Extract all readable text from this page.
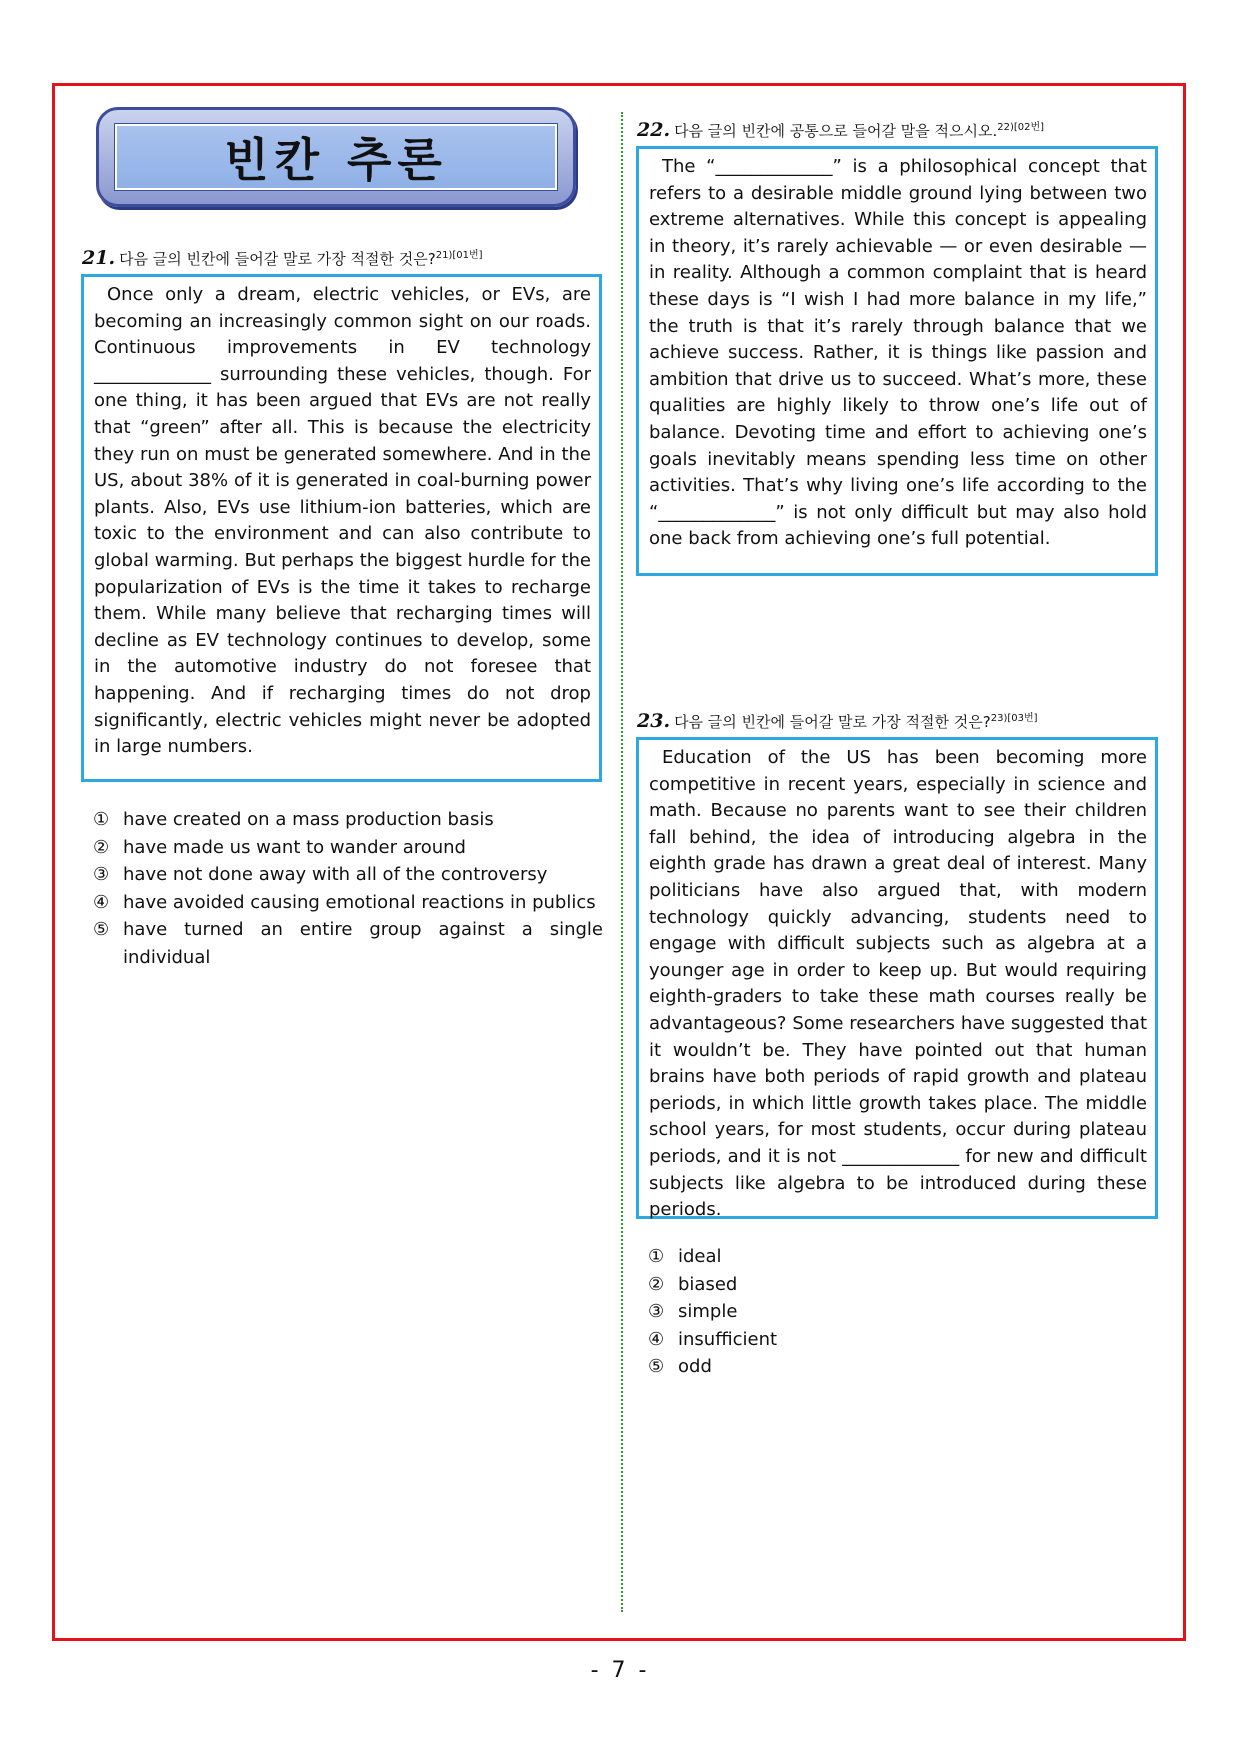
빈칸 추론
21. 다음 글의 빈칸에 들어갈 말로 가장 적절한 것은?$^{21)[01번]}$

Once only a dream, electric vehicles, or EVs, are becoming an increasingly common sight on our roads. Continuous improvements in EV technology _____________ surrounding these vehicles, though. For one thing, it has been argued that EVs are not really that “green” after all. This is because the electricity they run on must be generated somewhere. And in the US, about 38% of it is generated in coal-burning power plants. Also, EVs use lithium-ion batteries, which are toxic to the environment and can also contribute to global warming. But perhaps the biggest hurdle for the popularization of EVs is the time it takes to recharge them. While many believe that recharging times will decline as EV technology continues to develop, some in the automotive industry do not foresee that happening. And if recharging times do not drop significantly, electric vehicles might never be adopted in large numbers.

① have created on a mass production basis
② have made us want to wander around
③ have not done away with all of the controversy
④ have avoided causing emotional reactions in publics
⑤ have turned an entire group against a single individual
22. 다음 글의 빈칸에 공통으로 들어갈 말을 적으시오.$^{22)[02번]}$

The “_____________” is a philosophical concept that refers to a desirable middle ground lying between two extreme alternatives. While this concept is appealing in theory, it’s rarely achievable — or even desirable — in reality. Although a common complaint that is heard these days is “I wish I had more balance in my life,” the truth is that it’s rarely through balance that we achieve success. Rather, it is things like passion and ambition that drive us to succeed. What’s more, these qualities are highly likely to throw one’s life out of balance. Devoting time and effort to achieving one’s goals inevitably means spending less time on other activities. That’s why living one’s life according to the “_____________” is not only difficult but may also hold one back from achieving one’s full potential.

23. 다음 글의 빈칸에 들어갈 말로 가장 적절한 것은?$^{23)[03번]}$

Education of the US has been becoming more competitive in recent years, especially in science and math. Because no parents want to see their children fall behind, the idea of introducing algebra in the eighth grade has drawn a great deal of interest. Many politicians have also argued that, with modern technology quickly advancing, students need to engage with difficult subjects such as algebra at a younger age in order to keep up. But would requiring eighth-graders to take these math courses really be advantageous? Some researchers have suggested that it wouldn’t be. They have pointed out that human brains have both periods of rapid growth and plateau periods, in which little growth takes place. The middle school years, for most students, occur during plateau periods, and it is not _____________ for new and difficult subjects like algebra to be introduced during these periods.

① ideal
② biased
③ simple
④ insufficient
⑤ odd
- 7 -
